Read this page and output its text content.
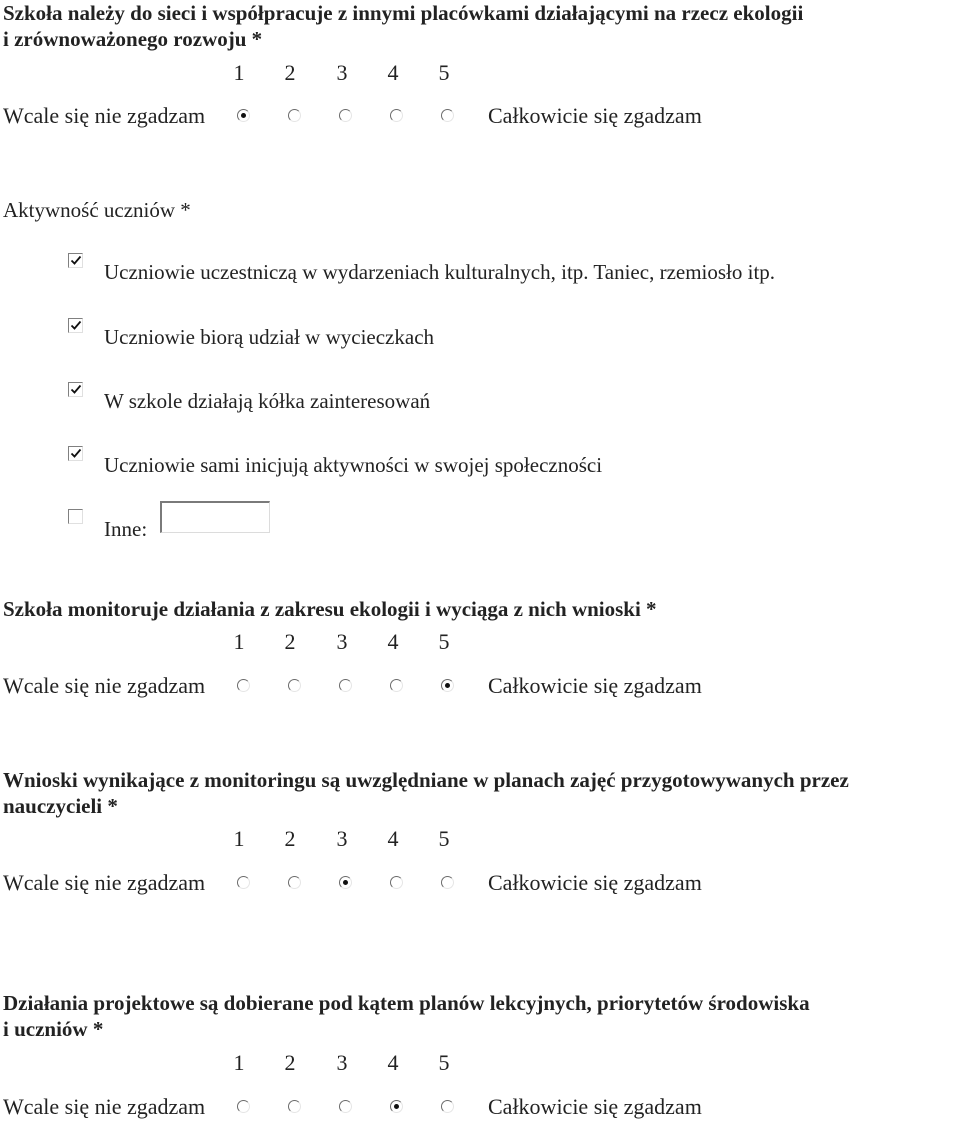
Szkoła należy do sieci i współpracuje z innymi placówkami działającymi na rzecz ekologii

i zrównoważonego rozwoju *

1 2 3 4 5
Wcale się nie zgadzam	Całkowicie się zgadzam

Aktywność uczniów *

Uczniowie uczestniczą w wydarzeniach kulturalnych, itp. Taniec, rzemiosło itp.
Uczniowie biorą udział w wycieczkach
W szkole działają kółka zainteresowań
Uczniowie sami inicjują aktywności w swojej społeczności
Inne:

Szkoła monitoruje działania z zakresu ekologii i wyciąga z nich wnioski *

1 2 3 4 5
Wcale się nie zgadzam	Całkowicie się zgadzam

Wnioski wynikające z monitoringu są uwzględniane w planach zajęć przygotowywanych przez

nauczycieli *

1 2 3 4 5
Wcale się nie zgadzam	Całkowicie się zgadzam

Działania projektowe są dobierane pod kątem planów lekcyjnych, priorytetów środowiska

i uczniów *

1 2 3 4 5
Wcale się nie zgadzam	Całkowicie się zgadzam
